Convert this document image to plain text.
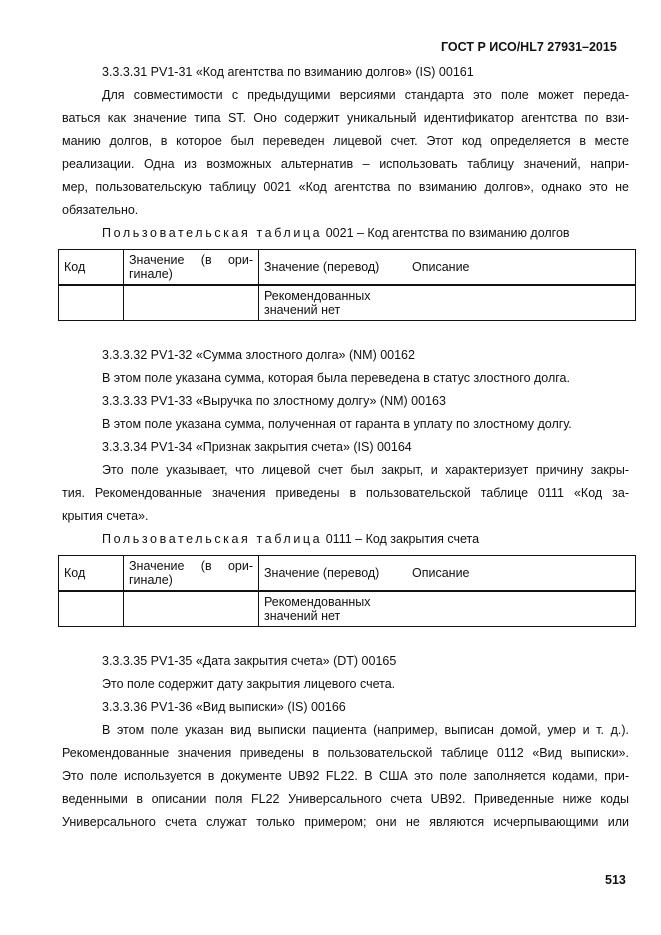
ГОСТ Р ИСО/HL7 27931–2015
3.3.3.31 PV1-31 «Код агентства по взиманию долгов» (IS) 00161
Для совместимости с предыдущими версиями стандарта это поле может переда-
ваться как значение типа ST. Оно содержит уникальный идентификатор агентства по взи-
манию долгов, в которое был переведен лицевой счет. Этот код определяется в месте
реализации. Одна из возможных альтернатив – использовать таблицу значений, напри-
мер, пользовательскую таблицу 0021 «Код агентства по взиманию долгов», однако это не
обязательно.
Пользовательская таблица 0021 – Код агентства по взиманию долгов
Код	Значение (в ори-
гинале)	Значение (перевод)	Описание

		Рекомендованных
значений нет	

3.3.3.32 PV1-32 «Сумма злостного долга» (NM) 00162
В этом поле указана сумма, которая была переведена в статус злостного долга.
3.3.3.33 PV1-33 «Выручка по злостному долгу» (NM) 00163
В этом поле указана сумма, полученная от гаранта в уплату по злостному долгу.
3.3.3.34 PV1-34 «Признак закрытия счета» (IS) 00164
Это поле указывает, что лицевой счет был закрыт, и характеризует причину закры-
тия. Рекомендованные значения приведены в пользовательской таблице 0111 «Код за-
крытия счета».
Пользовательская таблица 0111 – Код закрытия счета
Код	Значение (в ори-
гинале)	Значение (перевод)	Описание

		Рекомендованных
значений нет	

3.3.3.35 PV1-35 «Дата закрытия счета» (DT) 00165
Это поле содержит дату закрытия лицевого счета.
3.3.3.36 PV1-36 «Вид выписки» (IS) 00166
В этом поле указан вид выписки пациента (например, выписан домой, умер и т. д.).
Рекомендованные значения приведены в пользовательской таблице 0112 «Вид выписки».
Это поле используется в документе UB92 FL22. В США это поле заполняется кодами, при-
веденными в описании поля FL22 Универсального счета UB92. Приведенные ниже коды
Универсального счета служат только примером; они не являются исчерпывающими или
513
